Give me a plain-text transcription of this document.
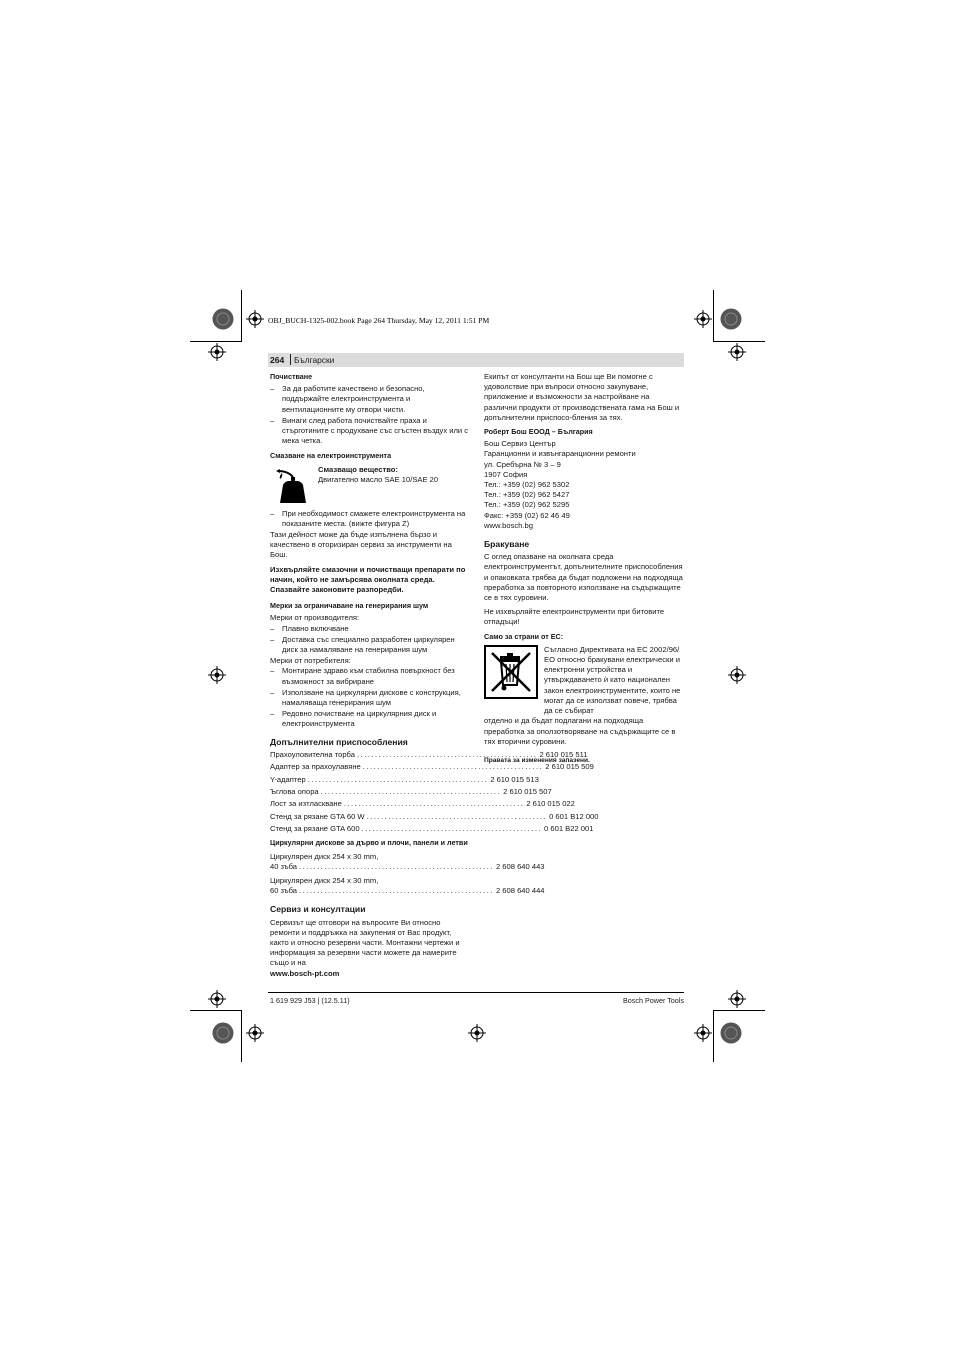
OBJ_BUCH-1325-002.book Page 264 Thursday, May 12, 2011 1:51 PM
264 Български
Почистване
– За да работите качествено и безопасно, поддържайте електроинструмента и вентилационните му отвори чисти.
– Винаги след работа почиствайте праха и стърготините с продухване със сгъстен въздух или с мека четка.
Смазване на електроинструмента
Смазващо вещество:
Двигателно масло SAE 10/SAE 20
– При необходимост смажете електроинструмента на показаните места. (вижте фигура Z)
Тази дейност може да бъде изпълнена бързо и качествено в оторизиран сервиз за инструменти на Бош.
Изхвърляйте смазочни и почистващи препарати по начин, който не замърсява околната среда. Спазвайте законовите разпоредби.
Мерки за ограничаване на генерирания шум
Мерки от производителя:
– Плавно включване
– Доставка със специално разработен циркулярен диск за намаляване на генерирания шум
Мерки от потребителя:
– Монтиране здраво към стабилна повърхност без възможност за вибриране
– Използване на циркулярни дискове с конструкция, намаляваща генерирания шум
– Редовно почистване на циркулярния диск и електроинструмента
Допълнителни приспособления
Прахоуловителна торба .................................................. 2 610 015 511
Адаптер за прахоулавяне .................................................. 2 610 015 509
Y-адаптер .................................................. 2 610 015 513
Ъглова опора .................................................. 2 610 015 507
Лост за изтласкване .................................................. 2 610 015 022
Стенд за рязане GTA 60 W .................................................. 0 601 B12 000
Стенд за рязане GTA 600 .................................................. 0 601 B22 001
Циркулярни дискове за дърво и плочи, панели и летви
Циркулярен диск 254 x 30 mm,
40 зъба ...................................................... 2 608 640 443
Циркулярен диск 254 x 30 mm,
60 зъба ...................................................... 2 608 640 444
Сервиз и консултации
Сервизът ще отговори на въпросите Ви относно ремонти и поддръжка на закупения от Вас продукт, както и относно резервни части. Монтажни чертежи и информация за резервни части можете да намерите също и на
www.bosch-pt.com
Екипът от консултанти на Бош ще Ви помогне с удоволствие при въпроси относно закупуване, приложение и възможности за настройване на различни продукти от производствената гама на Бош и допълнителни приспосо-бления за тях.
Роберт Бош ЕООД – България
Бош Сервиз Център
Гаранционни и извънгаранционни ремонти
ул. Сребърна № 3 – 9
1907 София
Тел.: +359 (02) 962 5302
Тел.: +359 (02) 962 5427
Тел.: +359 (02) 962 5295
Факс: +359 (02) 62 46 49
www.bosch.bg
Бракуване
С оглед опазване на околната среда електроинструментът, допълнителните приспособления и опаковката трябва да бъдат подложени на подходяща преработка за повторното използване на съдържащите се в тях суровини.
Не изхвърляйте електроинструменти при битовите отпадъци!
Само за страни от ЕС:
Съгласно Директивата на ЕС 2002/96/ЕО относно бракувани електрически и електронни устройства и утвърждаването ѝ като национален закон електроинструментите, които не могат да се използват повече, трябва да се събират
отделно и да бъдат подлагани на подходяща преработка за оползотворяване на съдържащите се в тях вторични суровини.
Правата за изменения запазени.
1 619 929 J53 | (12.5.11)	Bosch Power Tools
